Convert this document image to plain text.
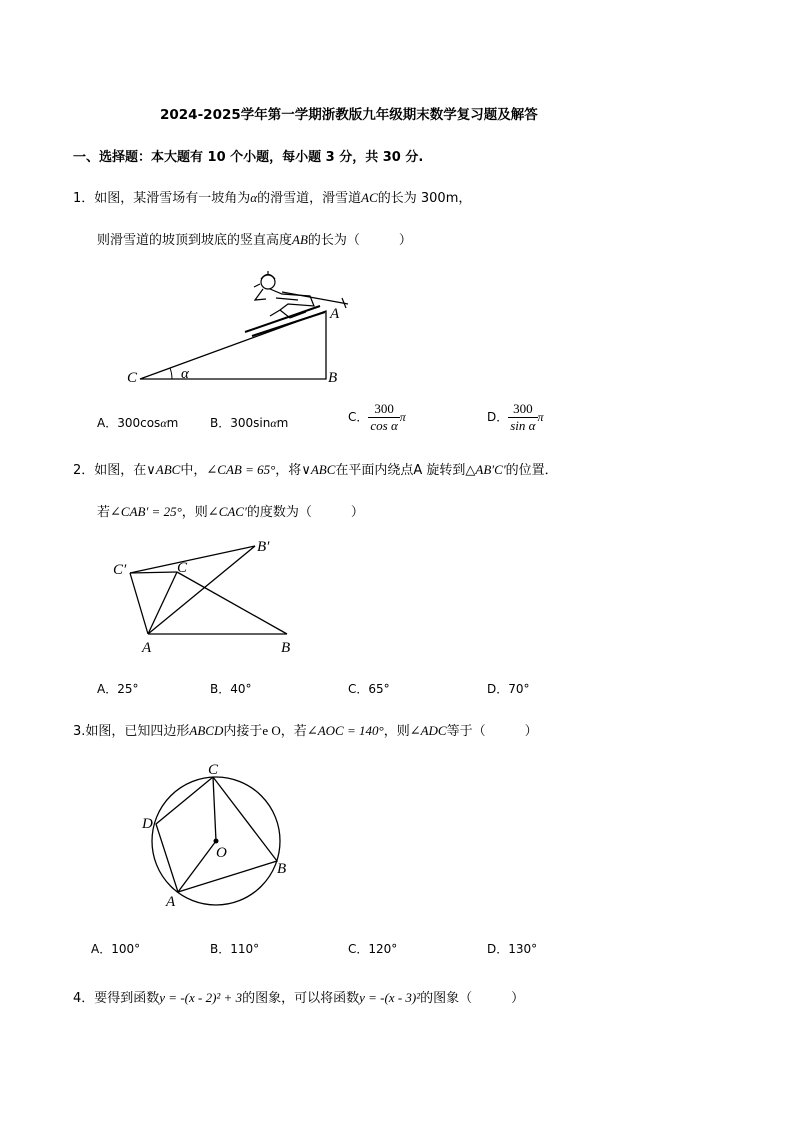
2024-2025学年第一学期浙教版九年级期末数学复习题及解答
一、选择题：本大题有 10 个小题，每小题 3 分，共 30 分.
1．如图，某滑雪场有一坡角为α的滑雪道，滑雪道AC的长为 300m，
则滑雪道的坡顶到坡底的竖直高度AB的长为（　　　）
A
B
C	α
A．300cosαm	B．300sinαm	C． $\frac{300}{\text{cos α}}$ π	D． $\frac{300}{\text{sin α}}$ π
2．如图，在∨ABC中，∠CAB = 65°，将∨ABC在平面内绕点A 旋转到△AB′C′的位置．
若∠CAB′ = 25°，则∠CAC′的度数为（　　　）
A	B
C
B′
C′
A．25°	B．40°	C．65°	D．70°
3.如图，已知四边形ABCD内接于e O，若∠AOC = 140°，则∠ADC等于（　　　）
C
D
O
B
A
A．100°	B．110°	C．120°	D．130°
4．要得到函数y = -(x - 2)² + 3的图象，可以将函数y = -(x - 3)²的图象（　　　）
